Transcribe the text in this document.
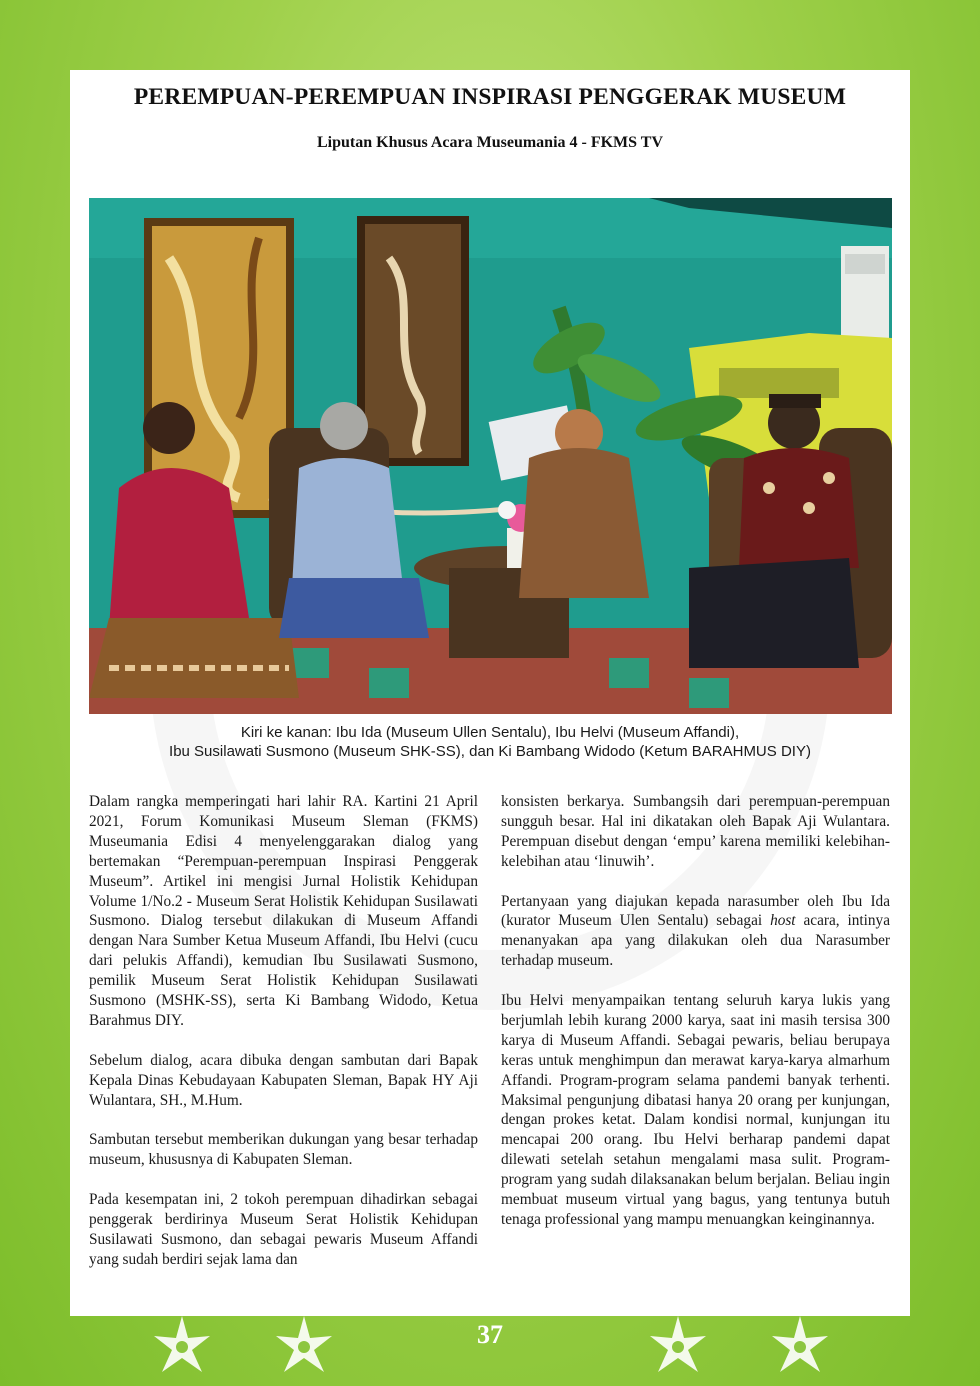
PEREMPUAN-PEREMPUAN INSPIRASI PENGGERAK MUSEUM
Liputan Khusus Acara Museumania 4 - FKMS TV
Kiri ke kanan: Ibu Ida (Museum Ullen Sentalu), Ibu Helvi (Museum Affandi),
Ibu Susilawati Susmono (Museum SHK-SS), dan Ki Bambang Widodo (Ketum BARAHMUS DIY)

Dalam rangka memperingati hari lahir RA. Kartini 21 April 2021, Forum Komunikasi Museum Sleman (FKMS) Museumania Edisi 4 menyelenggarakan dialog yang bertemakan “Perempuan-perempuan Inspirasi Penggerak Museum”. Artikel ini mengisi Jurnal Holistik Kehidupan Volume 1/No.2 - Museum Serat Holistik Kehidupan Susilawati Susmono. Dialog tersebut dilakukan di Museum Affandi dengan Nara Sumber Ketua Museum Affandi, Ibu Helvi (cucu dari pelukis Affandi), kemudian Ibu Susilawati Susmono, pemilik Museum Serat Holistik Kehidupan Susilawati Susmono (MSHK-SS), serta Ki Bambang Widodo, Ketua Barahmus DIY.

Sebelum dialog, acara dibuka dengan sambutan dari Bapak Kepala Dinas Kebudayaan Kabupaten Sleman, Bapak HY Aji Wulantara, SH., M.Hum.

Sambutan tersebut memberikan dukungan yang besar terhadap museum, khususnya di Kabupaten Sleman.

Pada kesempatan ini, 2 tokoh perempuan dihadirkan sebagai penggerak berdirinya Museum Serat Holistik Kehidupan Susilawati Susmono, dan sebagai pewaris Museum Affandi yang sudah berdiri sejak lama dan

konsisten berkarya. Sumbangsih dari perempuan-perempuan sungguh besar. Hal ini dikatakan oleh Bapak Aji Wulantara. Perempuan disebut dengan ‘empu’ karena memiliki kelebihan-kelebihan atau ‘linuwih’.

Pertanyaan yang diajukan kepada narasumber oleh Ibu Ida (kurator Museum Ulen Sentalu) sebagai host acara, intinya menanyakan apa yang dilakukan oleh dua Narasumber terhadap museum.

Ibu Helvi menyampaikan tentang seluruh karya lukis yang berjumlah lebih kurang 2000 karya, saat ini masih tersisa 300 karya di Museum Affandi. Sebagai pewaris, beliau berupaya keras untuk menghimpun dan merawat karya-karya almarhum Affandi. Program-program selama pandemi banyak terhenti. Maksimal pengunjung dibatasi hanya 20 orang per kunjungan, dengan prokes ketat. Dalam kondisi normal, kunjungan itu mencapai 200 orang. Ibu Helvi berharap pandemi dapat dilewati setelah setahun mengalami masa sulit. Program-program yang sudah dilaksanakan belum berjalan. Beliau ingin membuat museum virtual yang bagus, yang tentunya butuh tenaga professional yang mampu menuangkan keinginannya.

37
